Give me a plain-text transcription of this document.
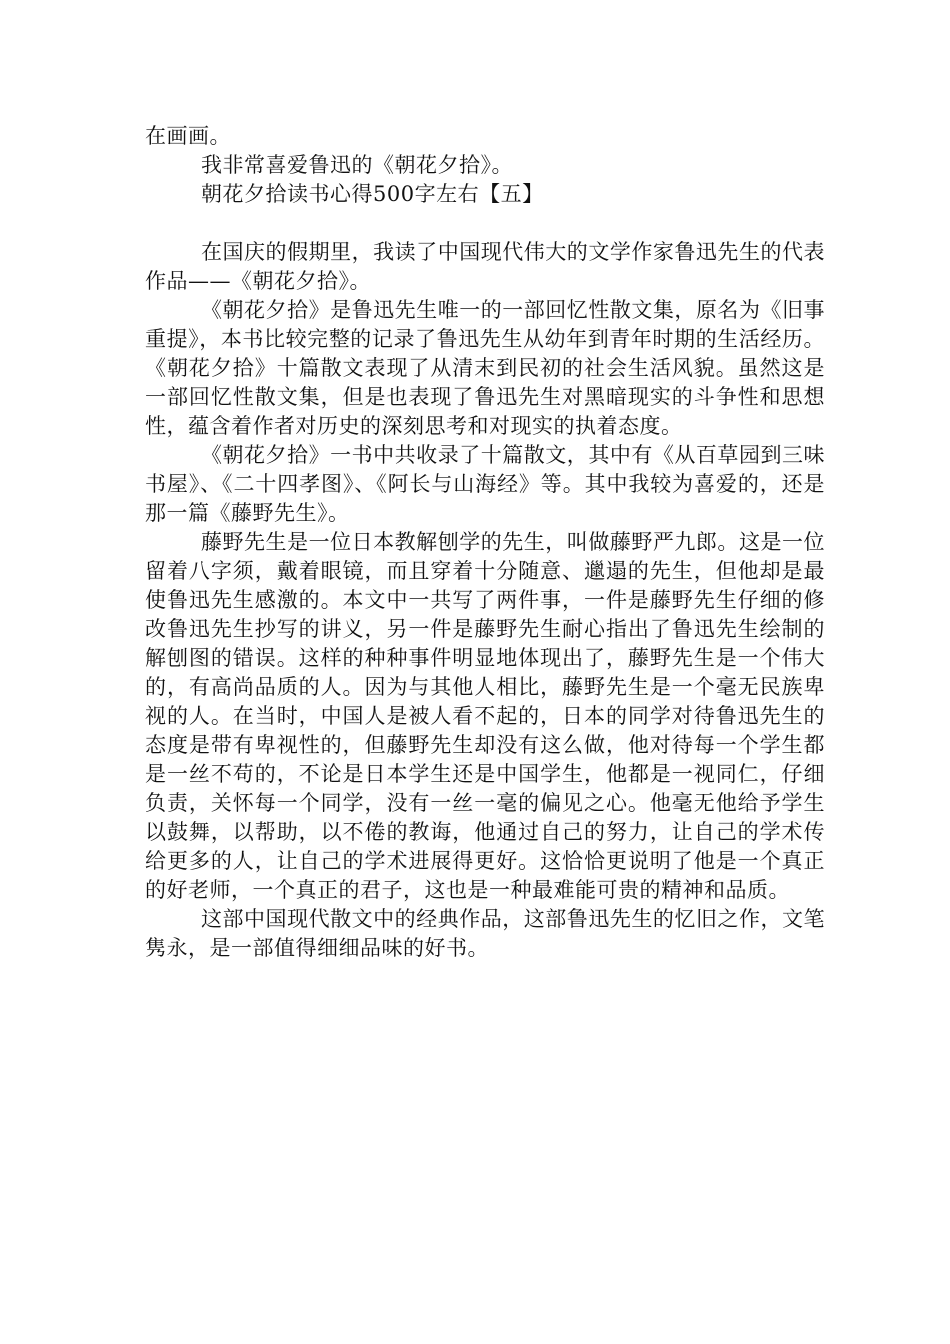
在画画。

我非常喜爱鲁迅的《朝花夕拾》。

朝花夕拾读书心得500字左右【五】

在国庆的假期里，我读了中国现代伟大的文学作家鲁迅先生的代表作品——《朝花夕拾》。

《朝花夕拾》是鲁迅先生唯一的一部回忆性散文集，原名为《旧事重提》，本书比较完整的记录了鲁迅先生从幼年到青年时期的生活经历。《朝花夕拾》十篇散文表现了从清末到民初的社会生活风貌。虽然这是一部回忆性散文集，但是也表现了鲁迅先生对黑暗现实的斗争性和思想性，蕴含着作者对历史的深刻思考和对现实的执着态度。

《朝花夕拾》一书中共收录了十篇散文，其中有《从百草园到三味书屋》、《二十四孝图》、《阿长与山海经》等。其中我较为喜爱的，还是那一篇《藤野先生》。

藤野先生是一位日本教解刨学的先生，叫做藤野严九郎。这是一位留着八字须，戴着眼镜，而且穿着十分随意、邋遢的先生，但他却是最使鲁迅先生感激的。本文中一共写了两件事，一件是藤野先生仔细的修改鲁迅先生抄写的讲义，另一件是藤野先生耐心指出了鲁迅先生绘制的解刨图的错误。这样的种种事件明显地体现出了，藤野先生是一个伟大的，有高尚品质的人。因为与其他人相比，藤野先生是一个毫无民族卑视的人。在当时，中国人是被人看不起的，日本的同学对待鲁迅先生的态度是带有卑视性的，但藤野先生却没有这么做，他对待每一个学生都是一丝不苟的，不论是日本学生还是中国学生，他都是一视同仁，仔细负责，关怀每一个同学，没有一丝一毫的偏见之心。他毫无他给予学生以鼓舞，以帮助，以不倦的教诲，他通过自己的努力，让自己的学术传给更多的人，让自己的学术进展得更好。这恰恰更说明了他是一个真正的好老师，一个真正的君子，这也是一种最难能可贵的精神和品质。

这部中国现代散文中的经典作品，这部鲁迅先生的忆旧之作，文笔隽永，是一部值得细细品味的好书。
